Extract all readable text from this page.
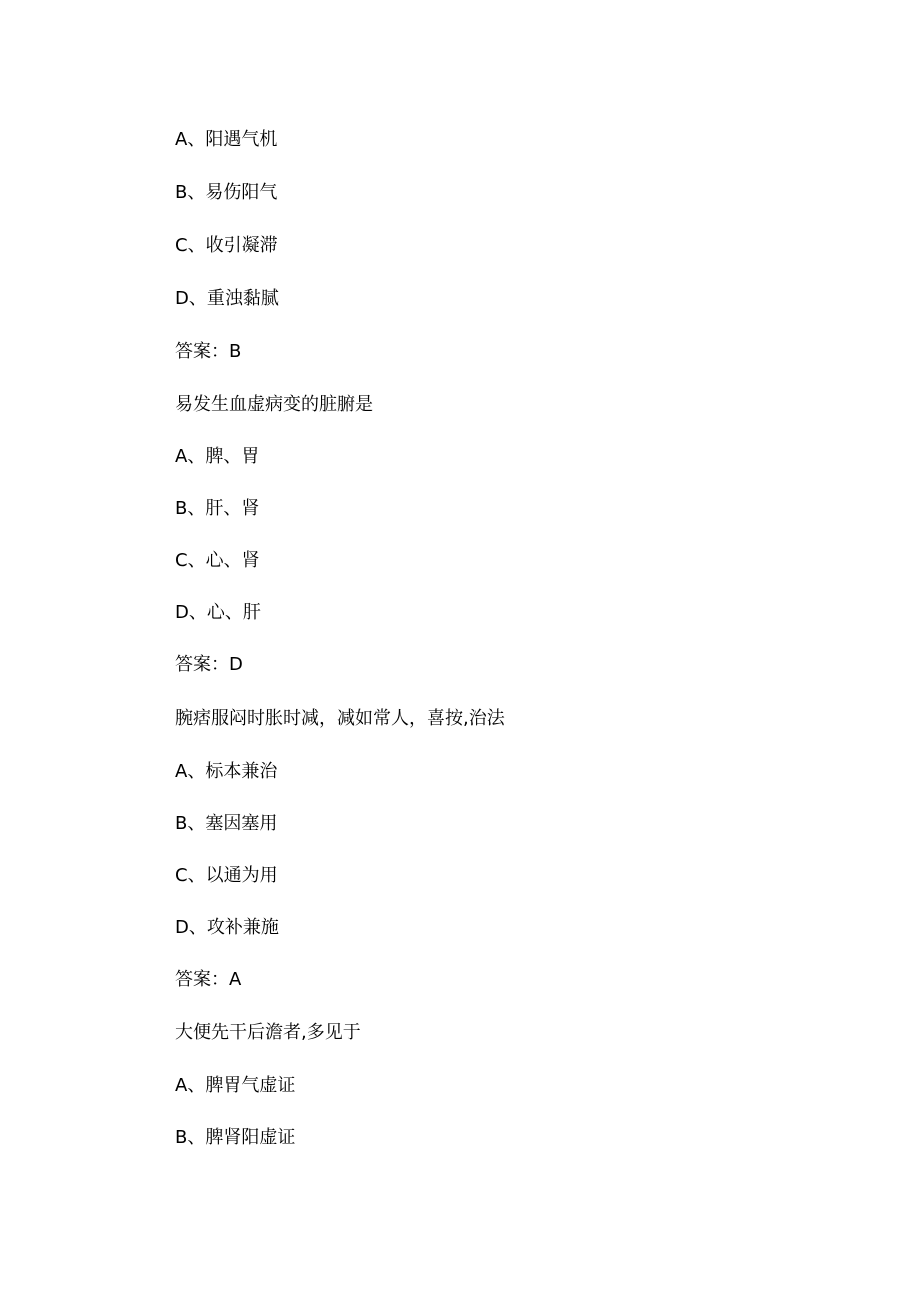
A、阳遇气机
B、易伤阳气
C、收引凝滞
D、重浊黏腻
答案：B
易发生血虚病变的脏腑是
A、脾、胃
B、肝、肾
C、心、肾
D、心、肝
答案：D
腕痞服闷时胀时减，减如常人，喜按,治法
A、标本兼治
B、塞因塞用
C、以通为用
D、攻补兼施
答案：A
大便先干后澹者,多见于
A、脾胃气虚证
B、脾肾阳虚证
